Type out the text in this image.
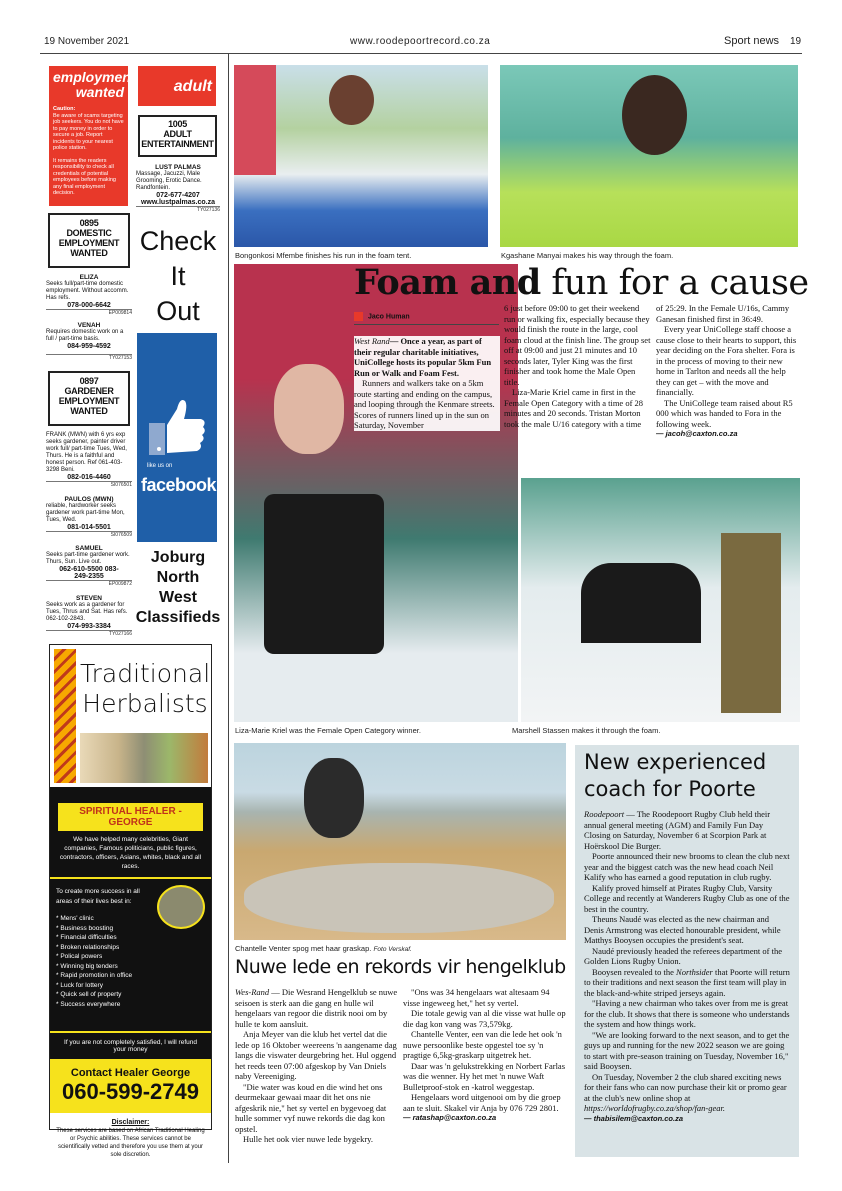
19 November 2021	www.roodepoortrecord.co.za	Sport news 19
employment
wanted
Caution:
Be aware of scams targeting job seekers. You do not have to pay money in order to secure a job. Report incidents to your nearest police station.
It remains the readers responsibility to check all credentials of potential employees before making any final employment decision.
adult
1005
ADULT
ENTERTAINMENT
LUST PALMAS
Massage, Jacuzzi, Male Grooming, Erotic Dance. Randfontein.
072-677-4207
www.lustpalmas.co.za
TY027136
0895
DOMESTIC
EMPLOYMENT
WANTED
ELIZA
Seeks full/part-time domestic employment. Without accomm. Has refs.
078-000-6642
EP009814
VENAH
Requires domestic work on a full / part-time basis.
084-959-4592
TY027153
0897
GARDENER
EMPLOYMENT
WANTED
FRANK (MWN) with 6 yrs exp seeks gardener, painter driver work full/ part-time Tues, Wed, Thurs. He is a faithful and honest person. Ref 061-403-3298 Beni.
082-016-4460
SI076501
PAULOS (MWN)
reliable, hardworker seeks gardener work part-time Mon, Tues, Wed.
081-014-5501
SI076509
SAMUEL
Seeks part-time gardener work. Thurs, Sun. Live out.
062-610-5500 083-249-2355
EP009872
STEVEN
Seeks work as a gardener for Tues, Thrus and Sat. Has refs. 062-102-2843.
074-993-3384
TY027166
Check
It
Out
like us on
facebook
Joburg
North
West
Classifieds
Traditional
Herbalists
SPIRITUAL HEALER - GEORGE
We have helped many celebrities, Giant companies, Famous politicians, public figures, contractors, officers, Asians, whites, black and all races.
To create more success in all areas of their lives best in:
* Mens' clinic
* Business boosting
* Financial difficulties
* Broken relationships
* Polical powers
* Winning big tenders
* Rapid promotion in office
* Luck for lottery
* Quick sell of property
* Success everywhere
If you are not completely satisfied, I will refund your money
Contact Healer George
060-599-2749
Disclaimer:
These services are based on African Traditional Healing or Psychic abilities. These services cannot be scientifically vetted and therefore you use them at your sole discretion.
Bongonkosi Mfembe finishes his run in the foam tent.	Kgashane Manyai makes his way through the foam.
Liza-Marie Kriel was the Female Open Category winner.	Marshell Stassen makes it through the foam.
Foam and fun for a cause
Jaco Human

West Rand— Once a year, as part of their regular charitable initiatives, UniCollege hosts its popular 5km Fun Run or Walk and Foam Fest.

Runners and walkers take on a 5km route starting and ending on the campus, and looping through the Kenmare streets. Scores of runners lined up in the sun on Saturday, November

6 just before 09:00 to get their weekend run or walking fix, especially because they would finish the route in the large, cool foam cloud at the finish line. The group set off at 09:00 and just 21 minutes and 10 seconds later, Tyler King was the first finisher and took home the Male Open title.

Liza-Marie Kriel came in first in the Female Open Category with a time of 28 minutes and 20 seconds. Tristan Morton took the male U/16 category with a time

of 25:29. In the Female U/16s, Cammy Ganesan finished first in 36:49.

Every year UniCollege staff choose a cause close to their hearts to support, this year deciding on the Fora shelter. Fora is in the process of moving to their new home in Tarlton and needs all the help they can get – with the move and financially.

The UniCollege team raised about R5 000 which was handed to Fora in the following week.

— jacoh@caxton.co.za

Chantelle Venter spog met haar graskap. Foto Verskaf.
Nuwe lede en rekords vir hengelklub

Wes-Rand — Die Wesrand Hengelklub se nuwe seisoen is sterk aan die gang en hulle wil hengelaars van regoor die distrik nooi om by hulle te kom aansluit.

Anja Meyer van die klub het vertel dat die lede op 16 Oktober weereens 'n aangename dag langs die viswater deurgebring het. Hul oggend het reeds teen 07:00 afgeskop by Van Dniels naby Vereeniging.

"Die water was koud en die wind het ons deurmekaar gewaai maar dit het ons nie afgeskrik nie," het sy vertel en bygevoeg dat hulle sommer vyf nuwe rekords die dag kon opstel.

Hulle het ook vier nuwe lede bygekry.

"Ons was 34 hengelaars wat altesaam 94 visse ingeweeg het," het sy vertel.

Die totale gewig van al die visse wat hulle op die dag kon vang was 73,579kg.

Chantelle Venter, een van die lede het ook 'n nuwe persoonlike beste opgestel toe sy 'n pragtige 6,5kg-graskarp uitgetrek het.

Daar was 'n gelukstrekking en Norbert Farlas was die wenner. Hy het met 'n nuwe Waft Bulletproof-stok en -katrol weggestap.

Hengelaars word uitgenooi om by die groep aan te sluit. Skakel vir Anja by 076 729 2801.

— ratashap@caxton.co.za

New experienced coach for Poorte

Roodepoort — The Roodepoort Rugby Club held their annual general meeting (AGM) and Family Fun Day Closing on Saturday, November 6 at Scorpion Park at Hoërskool Die Burger.

Poorte announced their new brooms to clean the club next year and the biggest catch was the new head coach Neil Kalify who has earned a good reputation in club rugby.

Kalify proved himself at Pirates Rugby Club, Varsity College and recently at Wanderers Rugby Club as one of the best in the country.

Theuns Naudé was elected as the new chairman and Denis Armstrong was elected honourable president, while Matthys Booysen occupies the president's seat.

Naudé previously headed the referees department of the Golden Lions Rugby Union.

Booysen revealed to the Northsider that Poorte will return to their traditions and next season the first team will play in the black-and-white striped jerseys again.

"Having a new chairman who takes over from me is great for the club. It shows that there is someone who understands the system and how things work.

"We are looking forward to the next season, and to get the guys up and running for the new 2022 season we are going to start with pre-season training on Tuesday, November 16," said Booysen.

On Tuesday, November 2 the club shared exciting news for their fans who can now purchase their kit or promo gear at the club's new online shop at https://worldofrugby.co.za/shop/fan-gear.

— thabisilem@caxton.co.za
